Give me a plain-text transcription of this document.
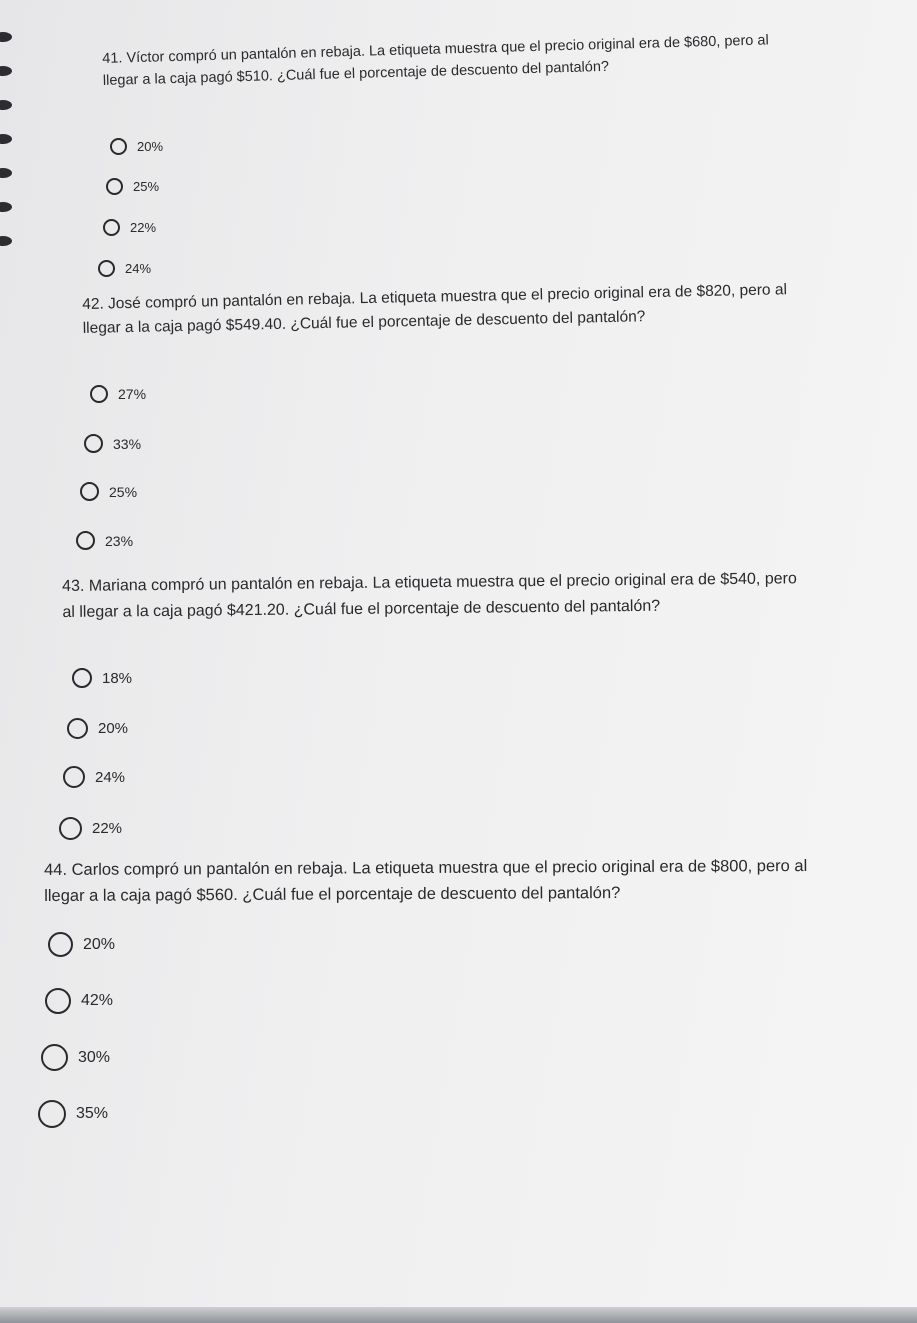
41. Víctor compró un pantalón en rebaja. La etiqueta muestra que el precio original era de $680, pero al llegar a la caja pagó $510. ¿Cuál fue el porcentaje de descuento del pantalón?

20%
25%
22%
24%

42. José compró un pantalón en rebaja. La etiqueta muestra que el precio original era de $820, pero al llegar a la caja pagó $549.40. ¿Cuál fue el porcentaje de descuento del pantalón?

27%
33%
25%
23%

43. Mariana compró un pantalón en rebaja. La etiqueta muestra que el precio original era de $540, pero al llegar a la caja pagó $421.20. ¿Cuál fue el porcentaje de descuento del pantalón?

18%
20%
24%
22%

44. Carlos compró un pantalón en rebaja. La etiqueta muestra que el precio original era de $800, pero al llegar a la caja pagó $560. ¿Cuál fue el porcentaje de descuento del pantalón?

20%
42%
30%
35%
